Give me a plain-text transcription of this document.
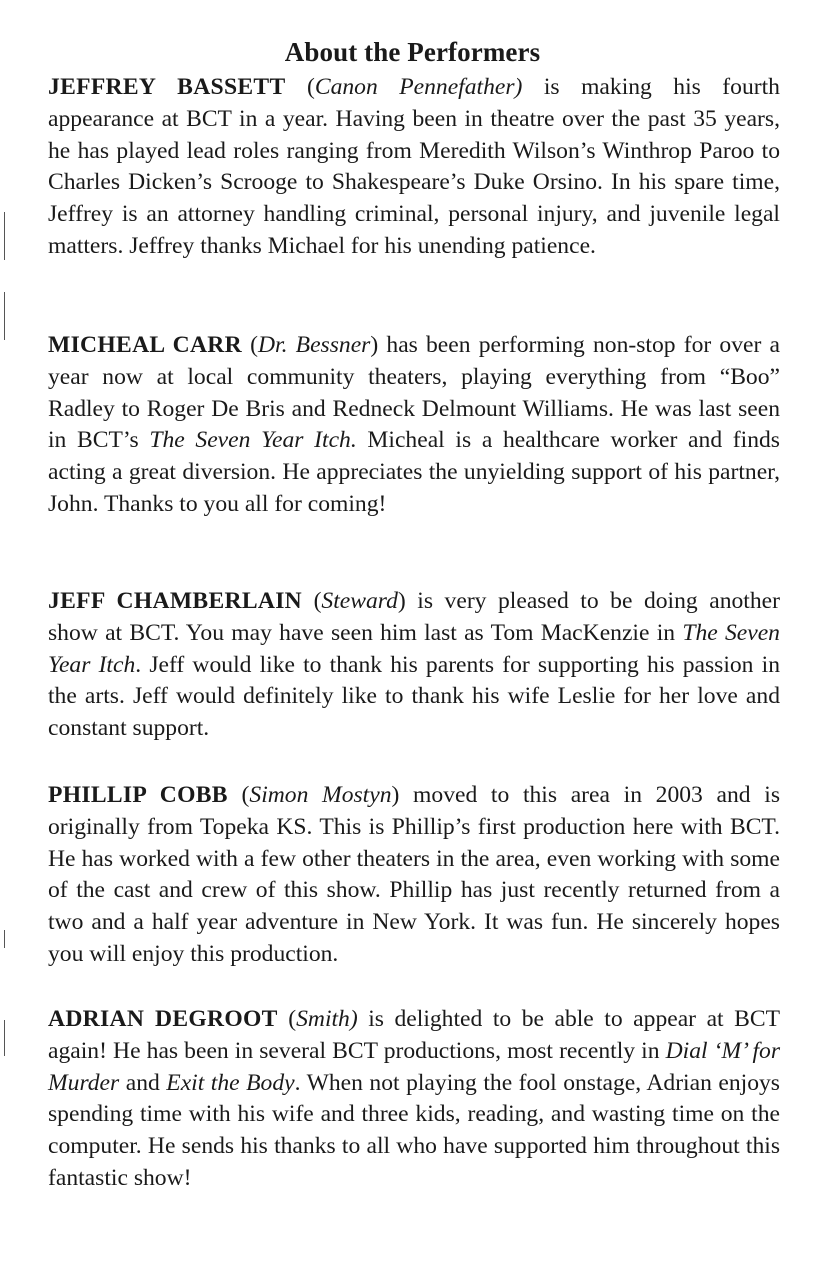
About the Performers

JEFFREY BASSETT (Canon Pennefather) is making his fourth appearance at BCT in a year. Having been in theatre over the past 35 years, he has played lead roles ranging from Meredith Wilson’s Winthrop Paroo to Charles Dicken’s Scrooge to Shakespeare’s Duke Orsino. In his spare time, Jeffrey is an attorney handling criminal, personal injury, and juvenile legal matters. Jeffrey thanks Michael for his unending patience.

MICHEAL CARR (Dr. Bessner) has been performing non-stop for over a year now at local community theaters, playing everything from “Boo” Radley to Roger De Bris and Redneck Delmount Williams. He was last seen in BCT’s The Seven Year Itch. Micheal is a healthcare worker and finds acting a great diversion. He appreciates the unyielding support of his partner, John. Thanks to you all for coming!

JEFF CHAMBERLAIN (Steward) is very pleased to be doing another show at BCT. You may have seen him last as Tom MacKenzie in The Seven Year Itch. Jeff would like to thank his parents for supporting his passion in the arts. Jeff would definitely like to thank his wife Leslie for her love and constant support.

PHILLIP COBB (Simon Mostyn) moved to this area in 2003 and is originally from Topeka KS. This is Phillip’s first production here with BCT. He has worked with a few other theaters in the area, even working with some of the cast and crew of this show. Phillip has just recently returned from a two and a half year adventure in New York. It was fun. He sincerely hopes you will enjoy this production.

ADRIAN DEGROOT (Smith) is delighted to be able to appear at BCT again! He has been in several BCT productions, most recently in Dial ‘M’ for Murder and Exit the Body. When not playing the fool onstage, Adrian enjoys spending time with his wife and three kids, reading, and wasting time on the computer. He sends his thanks to all who have supported him throughout this fantastic show!
